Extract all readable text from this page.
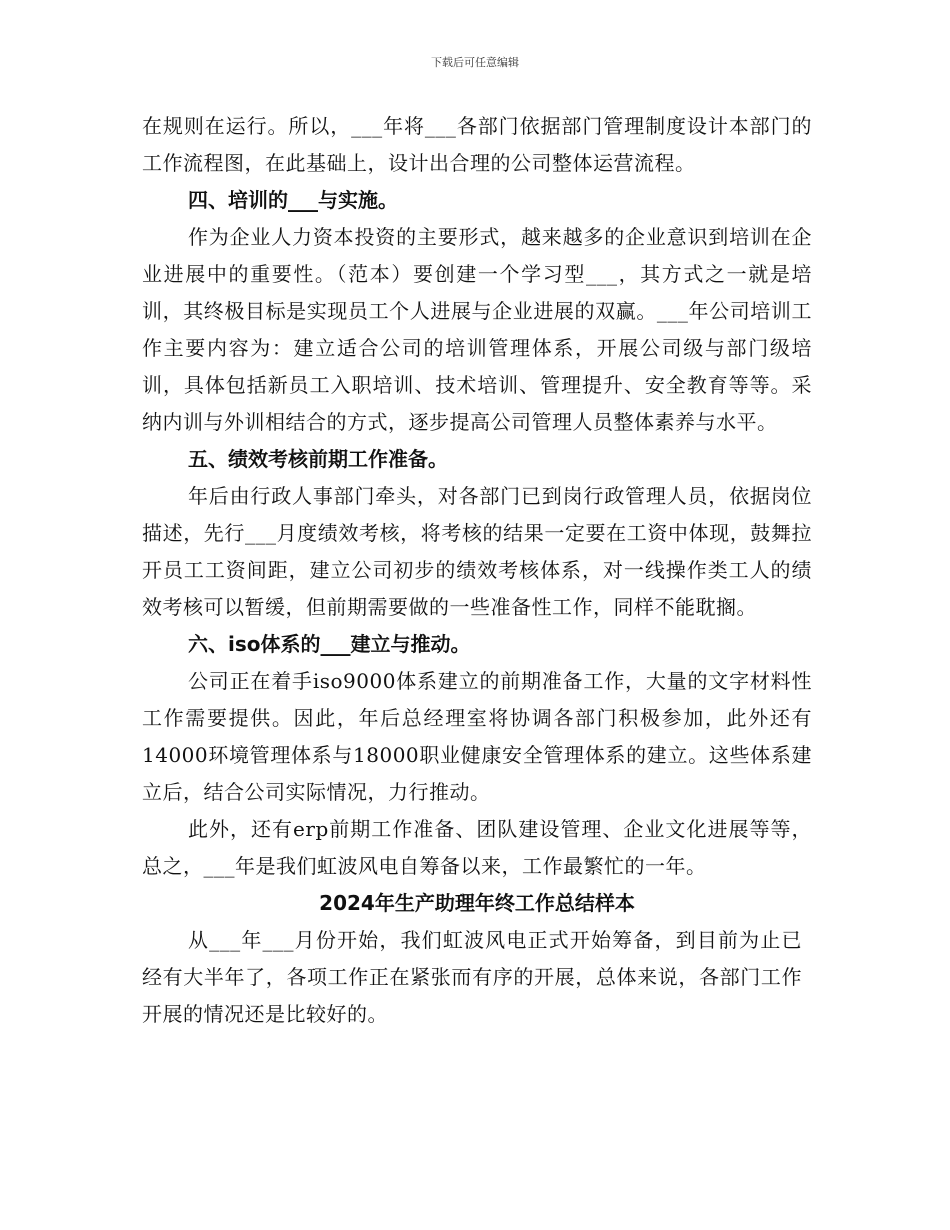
下载后可任意编辑

在规则在运行。所以，___年将___各部门依据部门管理制度设计本部门的工作流程图，在此基础上，设计出合理的公司整体运营流程。

四、培训的___与实施。

作为企业人力资本投资的主要形式，越来越多的企业意识到培训在企业进展中的重要性。（范本）要创建一个学习型___，其方式之一就是培训，其终极目标是实现员工个人进展与企业进展的双赢。___年公司培训工作主要内容为：建立适合公司的培训管理体系，开展公司级与部门级培训，具体包括新员工入职培训、技术培训、管理提升、安全教育等等。采纳内训与外训相结合的方式，逐步提高公司管理人员整体素养与水平。

五、绩效考核前期工作准备。

年后由行政人事部门牵头，对各部门已到岗行政管理人员，依据岗位描述，先行___月度绩效考核，将考核的结果一定要在工资中体现，鼓舞拉开员工工资间距，建立公司初步的绩效考核体系，对一线操作类工人的绩效考核可以暂缓，但前期需要做的一些准备性工作，同样不能耽搁。

六、iso体系的___建立与推动。

公司正在着手iso9000体系建立的前期准备工作，大量的文字材料性工作需要提供。因此，年后总经理室将协调各部门积极参加，此外还有14000环境管理体系与18000职业健康安全管理体系的建立。这些体系建立后，结合公司实际情况，力行推动。

此外，还有erp前期工作准备、团队建设管理、企业文化进展等等，总之，___年是我们虹波风电自筹备以来，工作最繁忙的一年。

2024年生产助理年终工作总结样本

从___年___月份开始，我们虹波风电正式开始筹备，到目前为止已经有大半年了，各项工作正在紧张而有序的开展，总体来说，各部门工作开展的情况还是比较好的。
